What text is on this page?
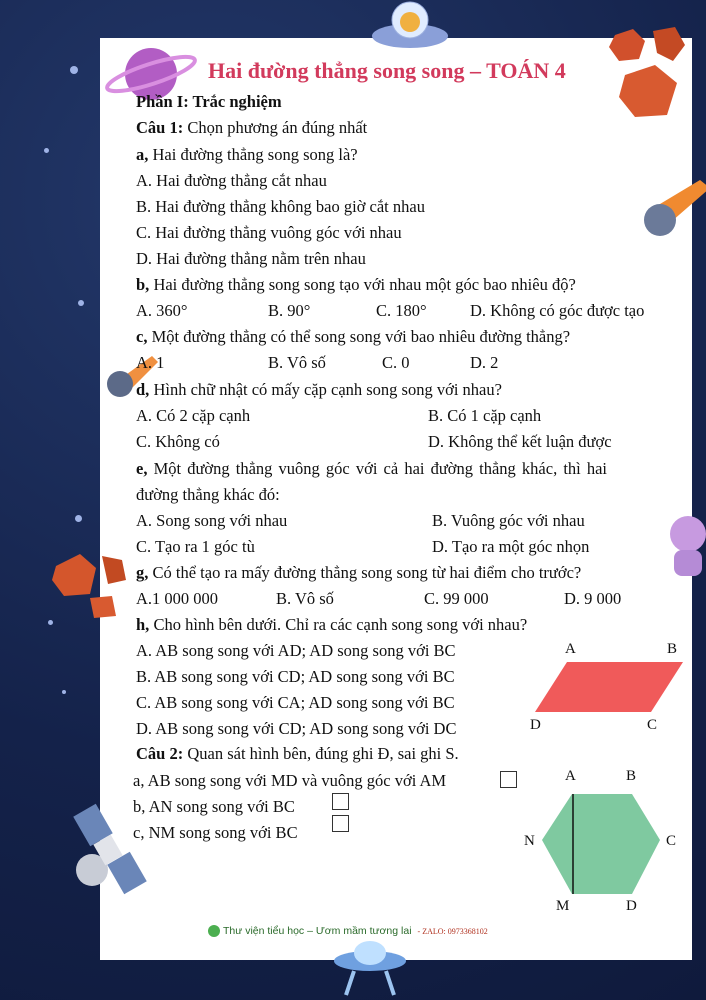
Hai đường thẳng song song – TOÁN 4
Phần I: Trắc nghiệm
Câu 1: Chọn phương án đúng nhất
a, Hai đường thẳng song song là?
A. Hai đường thẳng cắt nhau
B. Hai đường thẳng không bao giờ cắt nhau
C. Hai đường thẳng vuông góc với nhau
D. Hai đường thẳng nằm trên nhau
b, Hai đường thẳng song song tạo với nhau một góc bao nhiêu độ?
A. 360°	B. 90°	C. 180°	D. Không có góc được tạo
c, Một đường thẳng có thể song song với bao nhiêu đường thẳng?
A. 1	B. Vô số	C. 0	D. 2
d, Hình chữ nhật có mấy cặp cạnh song song với nhau?
A. Có 2 cặp cạnh	B. Có 1 cặp cạnh
C. Không có	D. Không thể kết luận được
e, Một đường thẳng vuông góc với cả hai đường thẳng khác, thì hai
đường thẳng khác đó:
A. Song song với nhau	B. Vuông góc với nhau
C. Tạo ra 1 góc tù	D. Tạo ra một góc nhọn
g, Có thể tạo ra mấy đường thẳng song song từ hai điểm cho trước?
A.1 000 000	B. Vô số	C. 99 000	D. 9 000
h, Cho hình bên dưới. Chỉ ra các cạnh song song với nhau?
A. AB song song với AD; AD song song với BC
B. AB song song với CD; AD song song với BC
C. AB song song với CA; AD song song với BC
D. AB song song với CD; AD song song với DC
A	B
D	C
Câu 2: Quan sát hình bên, đúng ghi Đ, sai ghi S.
a, AB song song với MD và vuông góc với AM
b, AN song song với BC
c, NM song song với BC
A	B
N	C
M	D
Thư viện tiểu học – Ươm mầm tương lai - ZALO: 0973368102
